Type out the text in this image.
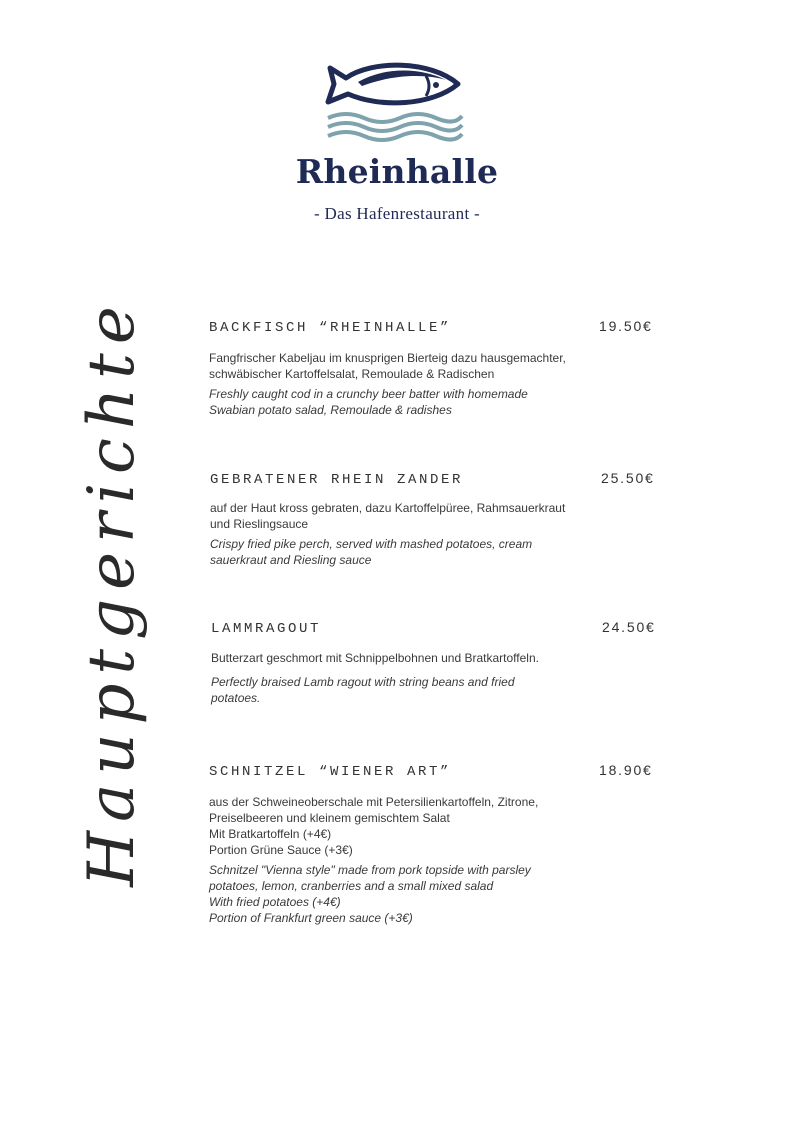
Rheinhalle
- Das Hafenrestaurant -
Hauptgerichte	BACKFISCH “RHEINHALLE”	19.50€
Fangfrischer Kabeljau im knusprigen Bierteig dazu hausgemachter,
schwäbischer Kartoffelsalat, Remoulade & Radischen
Freshly caught cod in a crunchy beer batter with homemade
Swabian potato salad, Remoulade & radishes
GEBRATENER RHEIN ZANDER	25.50€
auf der Haut kross gebraten, dazu Kartoffelpüree, Rahmsauerkraut
und Rieslingsauce
Crispy fried pike perch, served with mashed potatoes, cream
sauerkraut and Riesling sauce
LAMMRAGOUT	24.50€
Butterzart geschmort mit Schnippelbohnen und Bratkartoffeln.
Perfectly braised Lamb ragout with string beans and fried
potatoes.
SCHNITZEL “WIENER ART”	18.90€
aus der Schweineoberschale mit Petersilienkartoffeln, Zitrone,
Preiselbeeren und kleinem gemischtem Salat
Mit Bratkartoffeln (+4€)
Portion Grüne Sauce (+3€)
Schnitzel "Vienna style" made from pork topside with parsley
potatoes, lemon, cranberries and a small mixed salad
With fried potatoes (+4€)
Portion of Frankfurt green sauce (+3€)
